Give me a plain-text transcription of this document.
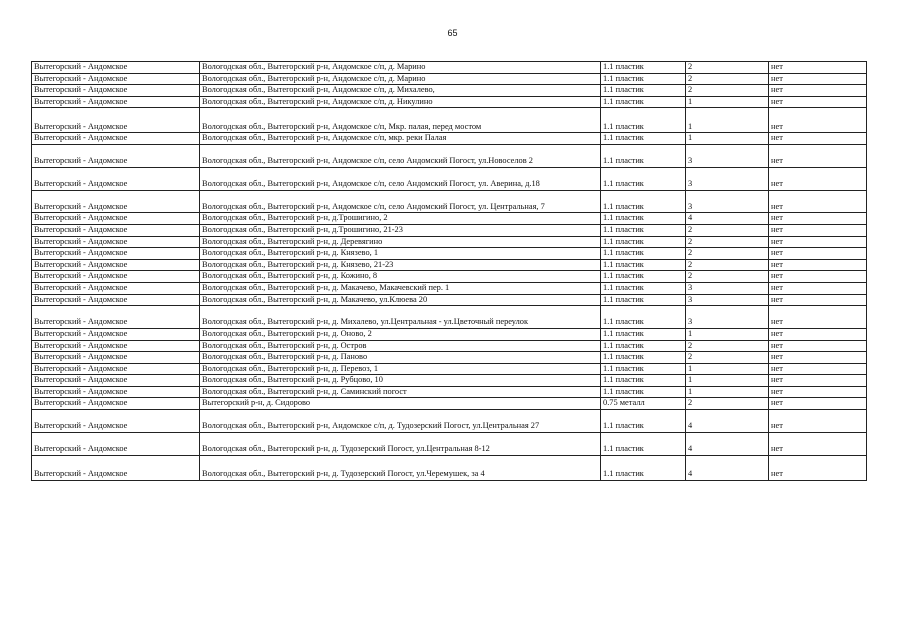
65
Вытегорский - Андомское	Вологодская обл., Вытегорский р-н, Андомское с/п, д. Марино	1.1 пластик	2	нет
Вытегорский - Андомское	Вологодская обл., Вытегорский р-н, Андомское с/п, д. Марино	1.1 пластик	2	нет
Вытегорский - Андомское	Вологодская обл., Вытегорский р-н, Андомское с/п, д. Михалево,	1.1 пластик	2	нет
Вытегорский - Андомское	Вологодская обл., Вытегорский р-н, Андомское с/п, д. Никулино	1.1 пластик	1	нет
Вытегорский - Андомское	Вологодская обл., Вытегорский р-н, Андомское с/п, Мкр. палая, перед мостом	1.1 пластик	1	нет
Вытегорский - Андомское	Вологодская обл., Вытегорский р-н, Андомское с/п, мкр. реки Палая	1.1 пластик	1	нет
Вытегорский - Андомское	Вологодская обл., Вытегорский р-н, Андомское с/п, село Андомский Погост, ул.Новоселов 2	1.1 пластик	3	нет
Вытегорский - Андомское	Вологодская обл., Вытегорский р-н, Андомское с/п, село Андомский Погост, ул. Аверина, д.18	1.1 пластик	3	нет
Вытегорский - Андомское	Вологодская обл., Вытегорский р-н, Андомское с/п, село Андомский Погост, ул. Центральная, 7	1.1 пластик	3	нет
Вытегорский - Андомское	Вологодская обл., Вытегорский р-н, д.Трошигино, 2	1.1 пластик	4	нет
Вытегорский - Андомское	Вологодская обл., Вытегорский р-н, д.Трошигино, 21-23	1.1 пластик	2	нет
Вытегорский - Андомское	Вологодская обл., Вытегорский р-н, д. Деревягино	1.1 пластик	2	нет
Вытегорский - Андомское	Вологодская обл., Вытегорский р-н, д. Князево, 1	1.1 пластик	2	нет
Вытегорский - Андомское	Вологодская обл., Вытегорский р-н, д. Князево, 21-23	1.1 пластик	2	нет
Вытегорский - Андомское	Вологодская обл., Вытегорский р-н, д. Кожино, 8	1.1 пластик	2	нет
Вытегорский - Андомское	Вологодская обл., Вытегорский р-н, д. Макачево, Макачевский пер. 1	1.1 пластик	3	нет
Вытегорский - Андомское	Вологодская обл., Вытегорский р-н, д. Макачево, ул.Клюева 20	1.1 пластик	3	нет
Вытегорский - Андомское	Вологодская обл., Вытегорский р-н, д. Михалево, ул.Центральная - ул.Цветочный переулок	1.1 пластик	3	нет
Вытегорский - Андомское	Вологодская обл., Вытегорский р-н, д. Оново, 2	1.1 пластик	1	нет
Вытегорский - Андомское	Вологодская обл., Вытегорский р-н, д. Остров	1.1 пластик	2	нет
Вытегорский - Андомское	Вологодская обл., Вытегорский р-н, д. Паново	1.1 пластик	2	нет
Вытегорский - Андомское	Вологодская обл., Вытегорский р-н, д. Перевоз, 1	1.1 пластик	1	нет
Вытегорский - Андомское	Вологодская обл., Вытегорский р-н, д. Рубцово, 10	1.1 пластик	1	нет
Вытегорский - Андомское	Вологодская обл., Вытегорский р-н, д. Саминский погост	1.1 пластик	1	нет
Вытегорский - Андомское	Вытегорский р-н, д. Сидорово	0.75 металл	2	нет
Вытегорский - Андомское	Вологодская обл., Вытегорский р-н, Андомское с/п, д. Тудозерский Погост, ул.Центральная 27	1.1 пластик	4	нет
Вытегорский - Андомское	Вологодская обл., Вытегорский р-н, д. Тудозерский Погост, ул.Центральная 8-12	1.1 пластик	4	нет
Вытегорский - Андомское	Вологодская обл., Вытегорский р-н, д. Тудозерский Погост, ул.Черемушек, за 4	1.1 пластик	4	нет
